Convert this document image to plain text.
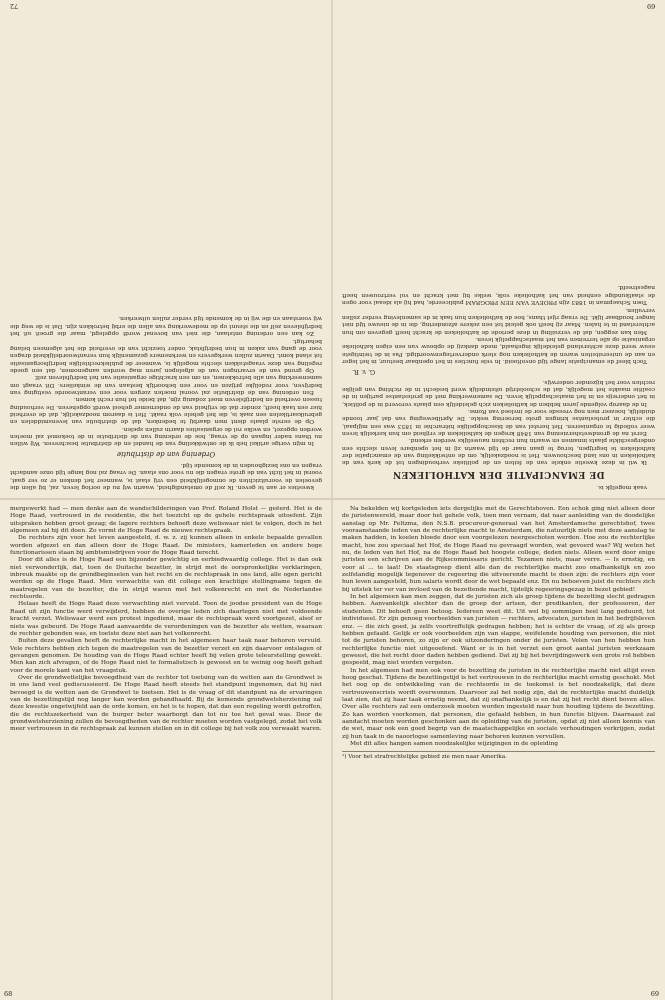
kwesties er aan te geven. Ik zelf de omstandigheid, waarin wij nu de oorlog leven, zal, bij allen die gevoelen de vooruitzichten de onmogelijkheid een vrij staat is, wanneer het denken er zo ver gaat, vooral in het licht van de grote vragen die nu voor ons staan. De vraag zal nog lange tijd onze aandacht vragen en ons bezighouden in de komende tijd.

Ordening van de distributie

In mijn vorige artikel heb ik de ontwikkeling van de handel en de distributie beschreven. Wij willen nu thans nader ingaan op de vraag, hoe de ordening van de distributie in de toekomst zal moeten worden opgezet, en welke rol de organisaties daarin zullen spelen.

Op de eerste plaats dient men daarbij te bedenken, dat de distributie van levensmiddelen en gebruiksartikelen een zaak is, die het gehele volk raakt. Het is daarom noodzakelijk, dat de overheid hier een taak heeft, zonder dat de vrijheid van de ondernemer geheel wordt opgeheven. De verhouding tussen overheid en bedrijfsleven moet zodanig zijn, dat beide tot hun recht komen.

Een ordening van de distributie zal vooral moeten zorgen voor een verantwoorde vestiging van bedrijven, voor redelijke prijzen en voor een behoorlijk bestaan van de winkeliers. Dit vraagt om samenwerking van alle betrokkenen, en om een krachtige organisatie van het bedrijfsleven zelf.

Op grond van de ervaringen van de afgelopen jaren mag worden aangenomen, dat een goede regeling van deze vraagstukken slechts mogelijk is, wanneer de publiekrechtelijke bedrijfsorganisatie tot stand komt. Daarin zullen werkgevers en werknemers gezamenlijk hun verantwoordelijkheid dragen voor de gang van zaken in hun bedrijfstak, onder toezicht van de overheid die het algemeen belang behartigt.

Zo kan een ordening ontstaan, die niet van bovenaf wordt opgelegd, maar die groeit uit het bedrijfsleven zelf en die steunt op de medewerking van allen die erbij betrokken zijn. Dat is de weg die wij voorstaan en die wij in de komende tijd verder zullen uitwerken.

vaak mogelijk is.

DE EMANCIPATIE DER KATHOLIEKEN

Ik wil in deze kwestie enkele van de feiten en de politieke verhoudingen tot de kerk van de katholieken in ons land beschouwen. Het is noodzakelijk, om de ontwikkeling van de emancipatie der katholieken te begrijpen, terug te gaan naar de tijd waarin zij in het openbare leven slechts een ondergeschikte plaats innamen en waarin hun rechten nauwelijks werden erkend.

Eerst na de grondwetsherziening van 1848 kregen de katholieken de vrijheid om hun kerkelijk leven weer volledig te organiseren. Het herstel van de bisschoppelijke hiërarchie in 1853 was een mijlpaal, die echter in protestantse kringen grote beroering wekte. De Aprilbeweging van dat jaar toonde duidelijk, hoezeer men nog vreesde voor de invloed van Rome.

In de daarop volgende jaren hebben de katholieken zich geleidelijk een plaats veroverd in de politiek, in het onderwijs en in het maatschappelijk leven. De samenwerking met de protestantse partijen in de coalitie maakte het mogelijk, dat de schoolstrijd uiteindelijk werd beslecht in de richting van gelijke rechten voor het bijzonder onderwijs.

G. v. R.

Toch bleef de emancipatie lange tijd onvoltooid. In vele functies in het openbaar bestuur, in het leger en aan de universiteiten waren de katholieken nog sterk ondervertegenwoordigd. Pas in de twintigste eeuw werd deze achterstand geleidelijk ingehaald, mede dankzij de opbouw van een eigen katholieke organisatie op alle terreinen van het maatschappelijk leven.

Men kan zeggen, dat de verzuiling in deze periode de katholieken de kracht heeft gegeven om hun achterstand in te halen. Maar zij heeft ook geleid tot een zekere afzondering, die in de nieuwe tijd niet langer houdbaar lijkt. De vraag rijst thans, hoe de katholieken hun taak in de samenleving verder zullen vervullen.

Toen Schaepman in 1883 zijn PROEVE VAN EEN PROGRAM publiceerde, had hij als ideaal voor ogen de staatkundige eenheid van het katholieke volk, welke hij met kracht en vol vertrouwen heeft nagestreefd.

72	69

mergewerkt had — men denke aan de wandschilderingen van Prof. Roland Holst — geëerd. Het is de Hoge Raad, vertrouwd in de residentie, die het toezicht op de gehele rechtspraak uitoefent. Zijn uitspraken hebben groot gezag; de lagere rechters behoeft deze weliswaar niet te volgen, doch in het algemeen zal hij dit doen. Zo vormt de Hoge Raad de nieuwe rechtspraak.

De rechters zijn voor het leven aangesteld, d. w. z. zij kunnen alleen in enkele bepaalde gevallen worden afgezet en dan alleen door de Hoge Raad. De ministers, kamerleden en andere hoge functionarissen staan bij ambtsmisdrijven voor de Hoge Raad terecht.

Door dit alles is de Hoge Raad een bijzonder gewichtig en eerbiedwaardig college. Het is dan ook niet verwonderlijk, dat, toen de Duitsche bezetter, in strijd met de oorspronkelijke verklaringen, inbreuk maakte op de grondbeginselen van het recht en de rechtspraak in ons land, alle ogen gericht werden op de Hoge Raad. Men verwachtte van dit college een krachtige stellingname tegen de maatregelen van de bezetter, die in strijd waren met het volkenrecht en met de Nederlandse rechtsorde.

Helaas heeft de Hoge Raad deze verwachting niet vervuld. Toen de joodse president van de Hoge Raad uit zijn functie werd verwijderd, hebben de overige leden zich daartegen niet met voldoende kracht verzet. Weliswaar werd een protest ingediend, maar de rechtspraak werd voortgezet, alsof er niets was gebeurd. De Hoge Raad aanvaardde de verordeningen van de bezetter als wetten, waaraan de rechter gebonden was, en toetste deze niet aan het volkenrecht.

Buiten deze gevallen heeft de rechterlijke macht in het algemeen haar taak naar behoren vervuld. Vele rechters hebben zich tegen de maatregelen van de bezetter verzet en zijn daarvoor ontslagen of gevangen genomen. De houding van de Hoge Raad echter heeft bij velen grote teleurstelling gewekt. Men kan zich afvragen, of de Hoge Raad niet te formalistisch is geweest en te weinig oog heeft gehad voor de morele kant van het vraagstuk.

Over de grondwettelijke bevoegdheid van de rechter tot toetsing van de wetten aan de Grondwet is in ons land veel gediscussieerd. De Hoge Raad heeft steeds het standpunt ingenomen, dat hij niet bevoegd is de wetten aan de Grondwet te toetsen. Het is de vraag of dit standpunt na de ervaringen van de bezettingstijd nog langer kan worden gehandhaafd. Bij de komende grondwetsherziening zal deze kwestie ongetwijfeld aan de orde komen, en het is te hopen, dat dan een regeling wordt getroffen, die de rechtszekerheid van de burger beter waarborgt dan tot nu toe het geval was. Door de grondwetsherziening zullen de bevoegdheden van de rechter moeten worden vastgelegd, zodat het volk meer vertrouwen in de rechtspraak zal kunnen stellen en in dit college bij het volk zou verwaakt waren.

Na bekelden wij kortgeleden iets dergelijks met de Gerechtshoven. Een schok ging niet alleen door de juristenwereld, maar door het gehele volk, toen men vernam, dat naar aanleiding van de doodelijke aanslag op Mr. Feltzma, den N.S.B. procureur-generaal van het Amsterdamsche gerechtshof, twee vooraanstaande leden van de rechterlijke macht te Amsterdam, die natuurlijk niets met deze aanslag te maken hadden, in koelen bloede door een voorgelezen neergeschoten werden. Hoe zou de rechterlijke macht, hoe zou speciaal het Hof, de Hoge Raad nu gevraagd worden, wat gevoerd was? Wij weten het nu, de leden van het Hof, na de Hoge Raad het hoogste college, deden niets. Alleen werd door enige juristen een schrijven aan de Rijkscommissaris gericht. Tezamen niets, maar verre. — Is ernstig, en voor al ... te laat! De staatsgreep dient alle dan de rechterlijke macht zoo onafhankelijk en zoo zelfstandig mogelijk tegenover de regeering die uitvoerende macht te doen zijn: de rechters zijn voor hun leven aangesteld, hun salaris wordt door de wet bepaald enz. En nu behoeven juist de rechters zich bij uitstek ter ver van invloed van de bezettende macht, tijdelijk regeeringsgezag in bezet gebied!

In het algemeen kan men zeggen, dat de juristen zich als groep tijdens de bezetting slecht gedragen hebben. Aanvankelijk slechter dan de groep der artsen, der predikanten, der professoren, der studenten. Dit behoeft geen betoog. Iedereen weet dit. Uit wel bij sommigen heel lang geduurd, tot individueel. Er zijn genoeg voorbeelden van juristen — rechters, advocaten, juristen in het bedrijfsleven enz. — die zich goed, ja zelfs voortreffelijk gedragen hebben; het is echter de vraag, of zij als groep hebben gefaald. Gelijk er ook voorbeelden zijn van slappe, weifelende houding van personen, die niet tot de juristen behoren, zo zijn er ook uitzonderingen onder de juristen. Velen van hen hebben hun rechterlijke functie niet uitgeoefend. Want er is in het verzet een groot aantal juristen werkzaam geweest, die het recht door daden hebben gediend. Dat zij bij het bevrijdingswerk een grote rol hebben gespeeld, mag niet worden vergeten.

In het algemeen had men ook voor de bezetting de juristen in de rechterlijke macht niet altijd even hoog geschat. Tijdens de bezettingstijd is het vertrouwen in de rechterlijke macht ernstig geschokt. Met het oog op de ontwikkeling van de rechtsorde in de toekomst is het noodzakelijk, dat deze vertrouwenscrisis wordt overwonnen. Daarvoor zal het nodig zijn, dat de rechterlijke macht duidelijk laat zien, dat zij haar taak ernstig neemt, dat zij onafhankelijk is en dat zij het recht dient boven alles. Over alle rechters zal een onderzoek moeten worden ingesteld naar hun houding tijdens de bezetting. Zo kan worden voorkomen, dat personen, die gefaald hebben, in hun functie blijven. Daarnaast zal aandacht moeten worden geschonken aan de opleiding van de juristen, opdat zij niet alleen kennis van de wet, maar ook een goed begrip van de maatschappelijke en sociale verhoudingen verkrijgen, zodat zij hun taak in de naoorlogse samenleving naar behoren kunnen vervullen.

Met dit alles hangen samen noodzakelijke wijzigingen in de opleiding

¹) Voor het strafrechtelijke gebied zie men naar Amerika.
68	69
